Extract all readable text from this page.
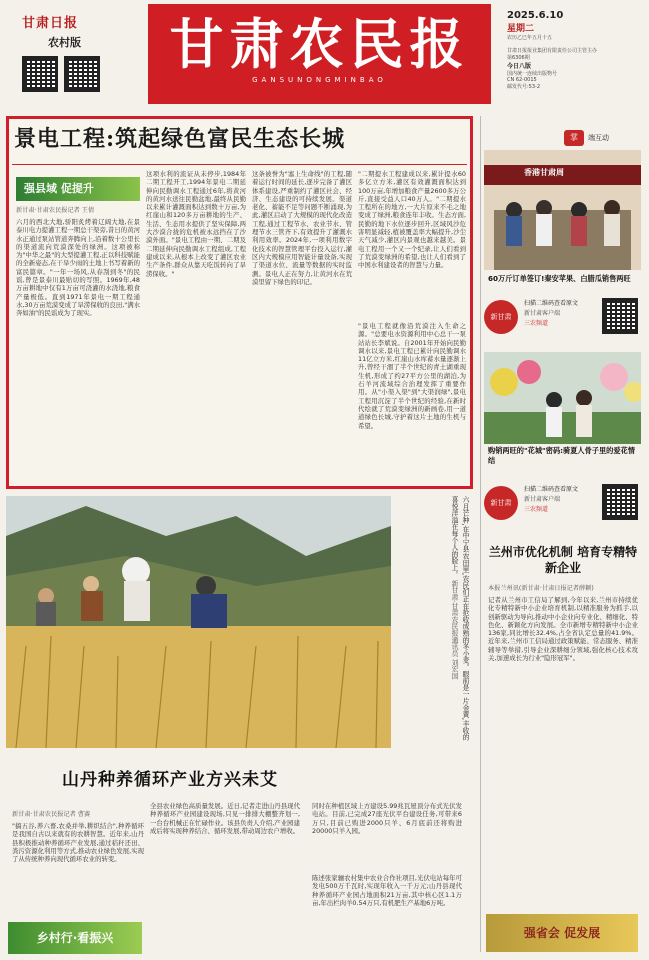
甘肃日报
农村版	甘肃农民报
GANSUNONGMINBAO
2025.6.10
星期二
农历乙巳年五月十五
甘肃日报报业集团有限责任公司主管主办
第6306期
今日八版
国内统一连续出版物号
CN 62-0015
邮发代号:53-2
景电工程:筑起绿色富民生态长城
强县域 促提升
新甘肃·甘肃农民报记者 王倩
六月的西北大地,骄阳炙烤着辽阔大地,在景泰川电力提灌工程一期总干渠旁,昔日的黄河水正通过泵站管道奔腾向上,沿着数十公里长的渠道流向荒漠深处的绿洲。这项被称为"中华之最"的大型提灌工程,正以科技赋能的全新姿态,在干旱少雨的土地上书写着新的富民篇章。"一年一场风,从春刮到冬"的民谣,曾是景泰川最贴切的写照。1969年,48万亩耕地中仅有1万亩可浇灌的水浇地,粮食产量极低。直到1971年景电一期工程通水,30万亩荒漠变成了旱涝保收的良田,"满水奔如油"的民谣成为了现实。
这项水利的流证从未停步,1984年二期工程开工,1994年景电二期延伸向民勤调水工程通过6年,将黄河的黄河水送往民勤盆地,最终从民勤以来累计灌溉面积达到数十万亩,为红崖山和120多万亩耕地的生产、生活、生态用水提供了坚实保障,两大沙漠合拢的危机被永远挡在了沙漠外面。"景电工程由一期、二期及二期延伸向民勤调水工程组成,工程建成以来,从根本上改变了灌区农业生产条件,群众从靠天吃饭转向了旱涝保收。"
这条被誉为"塞上生命线"的工程,随着运行时间的延长,逐步完备了灌区体系建设,严重制约了灌区社会、经济、生态建设的可持续发展。渠道老化、蓄能不足等问题不断涌现,为此,灌区启动了大规模的现代化改造工程,通过工程节水、农业节水、管理节水三管齐下,有效提升了灌溉水利用效率。2024年,一项利用数字化技术的智慧管理平台投入运行,灌区内大规模应用智能计量设备,实现了渠道水位、流量等数据的实时监测。景电人正在努力,让黄河水在荒漠里留下绿色的印记。
"二期提水工程建成以来,累计提水60多亿立方米,灌区有效灌溉面积达到100万亩,年增加粮食产量2600多万公斤,直接受益人口40万人。"二期提水工程所在的地方,一大片原来不毛之地变成了绿洲,粮食连年丰收。生态方面,民勤的地下水位逐步回升,区域风沙危害明显减轻,植被覆盖率大幅提升,沙尘天气减少,灌区内景观也越来越美。景电工程用一个又一个纪录,让人们看到了荒漠变绿洲的希望,也让人们看到了中国水利建设者的智慧与力量。
"景电工程就像沿荒漠注入生命之源。"总要电水资源利用中心总干一泵站站长李斌说。自2001年开始向民勤调水以来,景电工程已累计向民勤调水11亿立方米,红崖山水库蓄水量逐渐上升,曾经干涸了半个世纪的青土湖重现生机,形成了约27平方公里的湖泊,为石羊河流域综合治理发挥了重要作用。从"小渠入渠"到"大渠润绿",景电工程用沉淀了半个世纪的经验,在新时代绘就了荒漠变绿洲的新画卷,用一道道绿色长城,守护着这片土地的生机与希望。
六月芒种,在中宁县农田里,农民们正在抢收成熟的冬小麦。眼前是一片金黄,丰收的喜悦洋溢在每个人的脸上。 新甘肃·甘肃农民报通讯员 刘宏国
山丹种养循环产业方兴未艾
新甘肃·甘肃农民报记者 曹赛
"搞五谷,养六畜,农桑并举,耕织结合",种养循环是我国自古以来就有的农耕智慧。近年来,山丹县积极推动种养循环产业发展,通过秸秆还田、粪污资源化利用等方式,推动农业绿色发展,实现了从传统种养向现代循环农业的转变。
全县农业绿色高质量发展。近日,记者走进山丹县现代种养循环产业园建设现场,只见一排排大棚整齐划一,一台台机械正在忙碌作业。该县负责人介绍,产业园建成后将实现种养结合、循环发展,带动周边农户增收。
同时在种植区域上方建设5.99兆瓦屋顶分布式光伏发电站。目前,已完成27座光伏平台建设任务,可带来6万只,目前已购进2000只羊、6月底前还将购进20000只羊入园。
陈述张家骊农村集中农业合作社项目,光伏电站每年可发电500万千瓦时,实现年收入一千万元;山丹县现代种养循环产业园占地面积21万亩,其中核心区1.1万亩,年出栏肉羊0.54万只,有机肥生产基地6万吨。
乡村行·看振兴
掌	端互动
香港甘肃周
60万斤订单签订!秦安苹果、白腊瓜销售两旺
新甘肃
扫描二维码查看原文
新甘肃客户端
三农频道
购销两旺的"花城"密码:骑夏人骨子里的爱花情结
新甘肃
扫描二维码查看原文
新甘肃客户端
三农频道
兰州市优化机制 培育专精特新企业
本报兰州讯(新甘肃·甘肃日报记者薛颖)
记者从兰州市工信局了解到,今年以来,兰州市持续优化专精特新中小企业培育机制,以精准服务为抓手,以创新驱动为导向,推动中小企业向专业化、精细化、特色化、新颖化方向发展。全市新增专精特新中小企业136家,同比增长32.4%,占全省认定总量的41.9%。近年来,兰州市工信局通过政策赋能、常态服务、精准辅导等举措,引导企业深耕细分领域,强化核心技术攻关,加速成长为行业"隐形冠军"。
强省会 促发展
